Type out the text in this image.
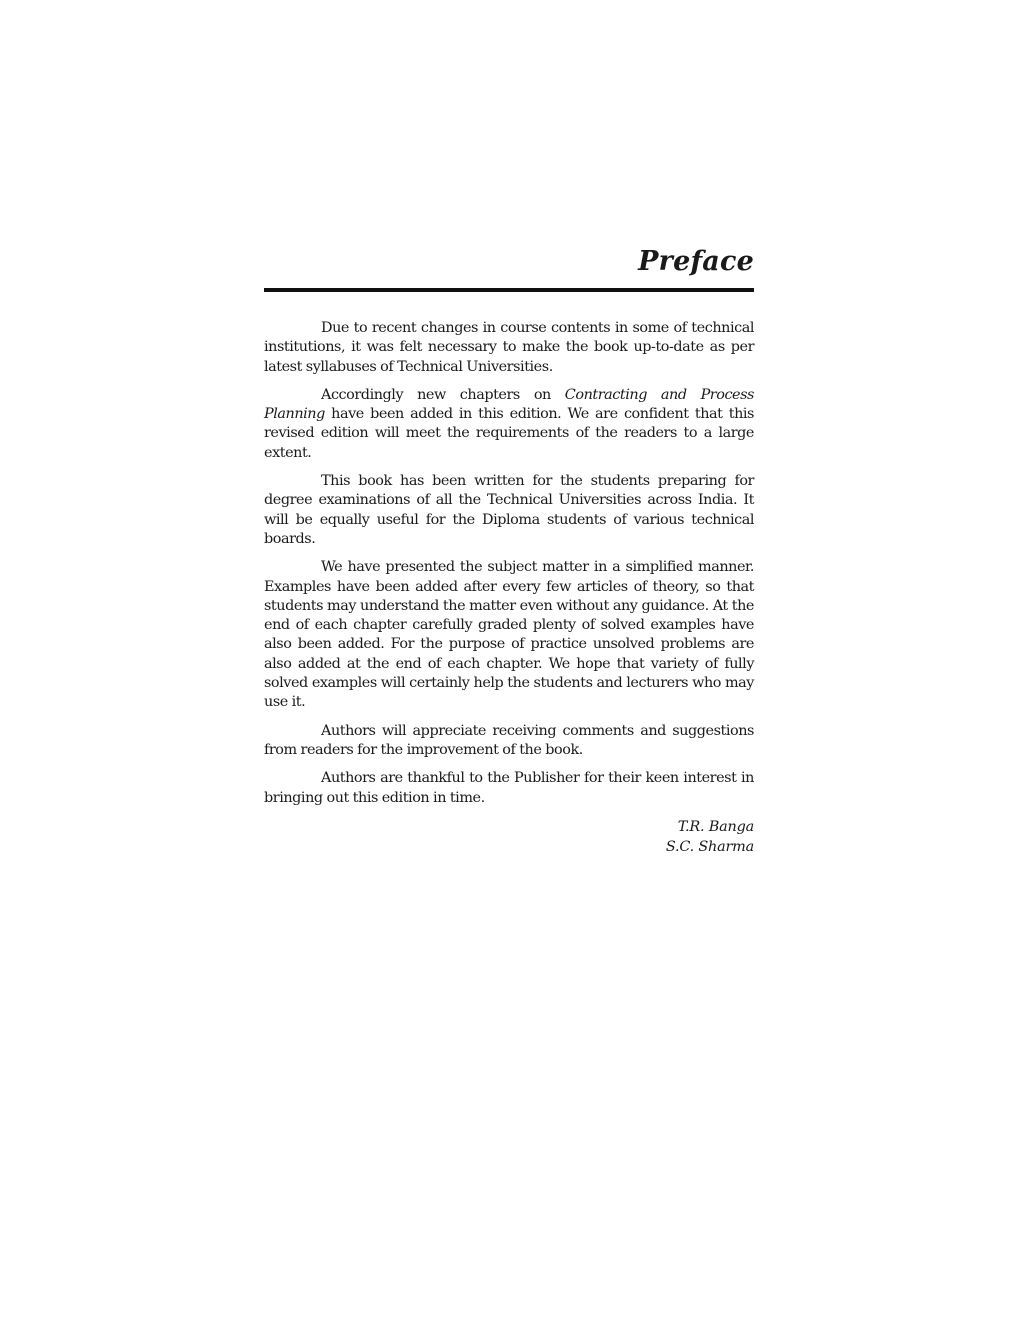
Preface

Due to recent changes in course contents in some of technical institutions, it was felt necessary to make the book up-to-date as per latest syllabuses of Technical Universities.

Accordingly new chapters on Contracting and Process Planning have been added in this edition. We are confident that this revised edition will meet the requirements of the readers to a large extent.

This book has been written for the students preparing for degree examinations of all the Technical Universities across India. It will be equally useful for the Diploma students of various technical boards.

We have presented the subject matter in a simplified manner. Examples have been added after every few articles of theory, so that students may understand the matter even without any guidance. At the end of each chapter carefully graded plenty of solved examples have also been added. For the purpose of practice unsolved problems are also added at the end of each chapter. We hope that variety of fully solved examples will certainly help the students and lecturers who may use it.

Authors will appreciate receiving comments and suggestions from readers for the improvement of the book.

Authors are thankful to the Publisher for their keen interest in bringing out this edition in time.

T.R. Banga
S.C. Sharma
